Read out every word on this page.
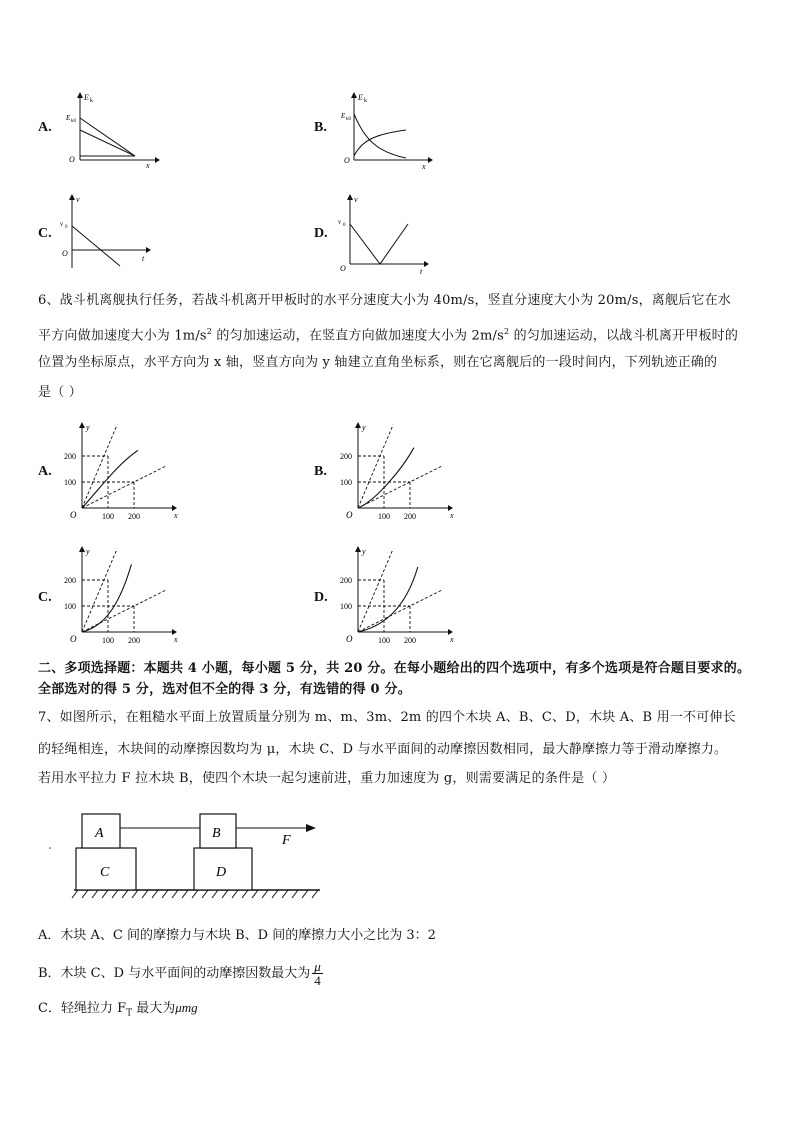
A.
E k
E k0
O
x
B.
E k
E k0
O
x
C.
v
v 0
O
t
D.
v
v 0
O	t
6、战斗机离舰执行任务，若战斗机离开甲板时的水平分速度大小为 40m/s，竖直分速度大小为 20m/s，离舰后它在水
平方向做加速度大小为 $1m/s^2$ 的匀加速运动，在竖直方向做加速度大小为 $2m/s^2$ 的匀加速运动，以战斗机离开甲板时的
位置为坐标原点，水平方向为 x 轴，竖直方向为 y 轴建立直角坐标系，则在它离舰后的一段时间内，下列轨迹正确的
是（ ）
A.
y
x
O
200
100
100 200
B.
y
x
O
200
100
100 200
C.
y
x
O
200
100
100 200
D.
y
x
O
200
100
100 200
二、多项选择题：本题共 4 小题，每小题 5 分，共 20 分。在每小题给出的四个选项中，有多个选项是符合题目要求的。
全部选对的得 5 分，选对但不全的得 3 分，有选错的得 0 分。
7、如图所示，在粗糙水平面上放置质量分别为 m、m、3m、2m 的四个木块 A、B、C、D，木块 A、B 用一不可伸长
的轻绳相连，木块间的动摩擦因数均为 μ，木块 C、D 与水平面间的动摩擦因数相同，最大静摩擦力等于滑动摩擦力。
若用水平拉力 F 拉木块 B，使四个木块一起匀速前进，重力加速度为 g，则需要满足的条件是（ ）
C
A
D
B	F
A．木块 A、C 间的摩擦力与木块 B、D 间的摩擦力大小之比为 3：2
B．木块 C、D 与水平面间的动摩擦因数最大为 $\frac{\mu}{4}$
C．轻绳拉力 $F_T$ 最大为μmg
